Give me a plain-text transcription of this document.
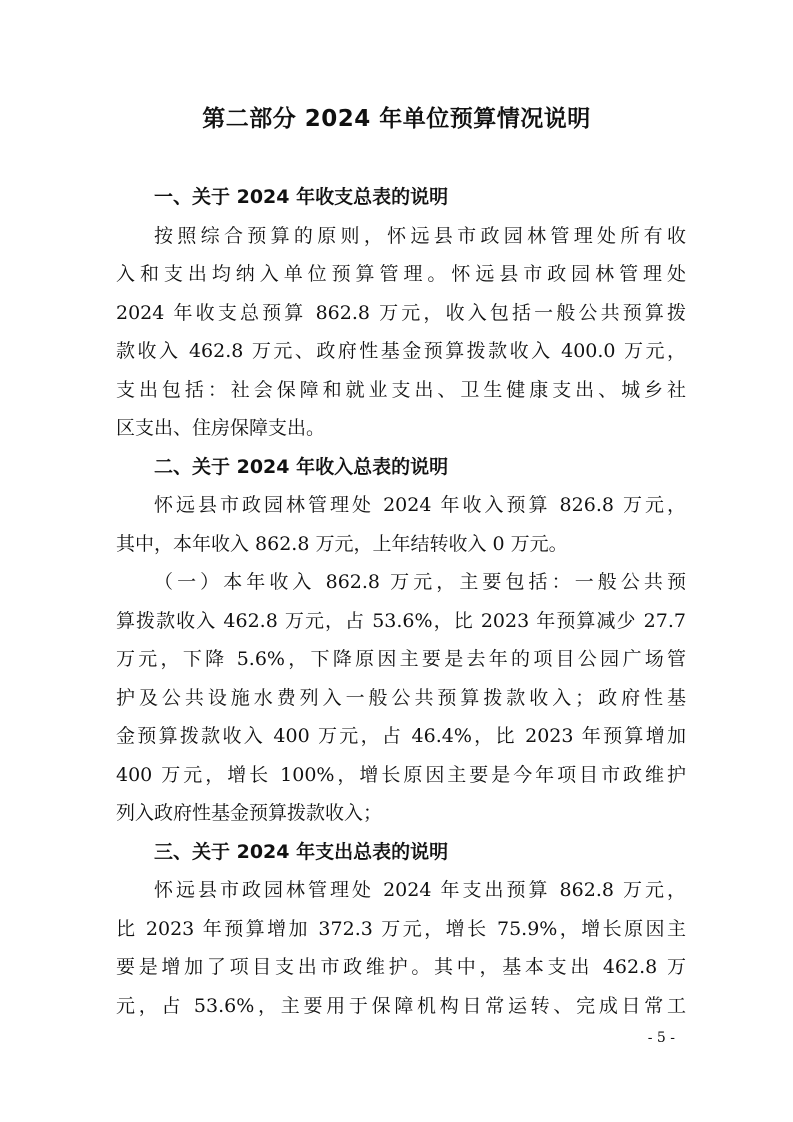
第二部分 2024 年单位预算情况说明
一、关于 2024 年收支总表的说明
按照综合预算的原则，怀远县市政园林管理处所有收
入和支出均纳入单位预算管理。怀远县市政园林管理处
2024 年收支总预算 862.8 万元，收入包括一般公共预算拨
款收入 462.8 万元、政府性基金预算拨款收入 400.0 万元，
支出包括：社会保障和就业支出、卫生健康支出、城乡社
区支出、住房保障支出。
二、关于 2024 年收入总表的说明
怀远县市政园林管理处 2024 年收入预算 826.8 万元，
其中，本年收入 862.8 万元，上年结转收入 0 万元。
（一）本年收入 862.8 万元，主要包括：一般公共预
算拨款收入 462.8 万元，占 53.6%，比 2023 年预算减少 27.7
万元，下降 5.6%，下降原因主要是去年的项目公园广场管
护及公共设施水费列入一般公共预算拨款收入；政府性基
金预算拨款收入 400 万元，占 46.4%，比 2023 年预算增加
400 万元，增长 100%，增长原因主要是今年项目市政维护
列入政府性基金预算拨款收入；
三、关于 2024 年支出总表的说明
怀远县市政园林管理处 2024 年支出预算 862.8 万元，
比 2023 年预算增加 372.3 万元，增长 75.9%，增长原因主
要是增加了项目支出市政维护。其中，基本支出 462.8 万
元，占 53.6%，主要用于保障机构日常运转、完成日常工
- 5 -
